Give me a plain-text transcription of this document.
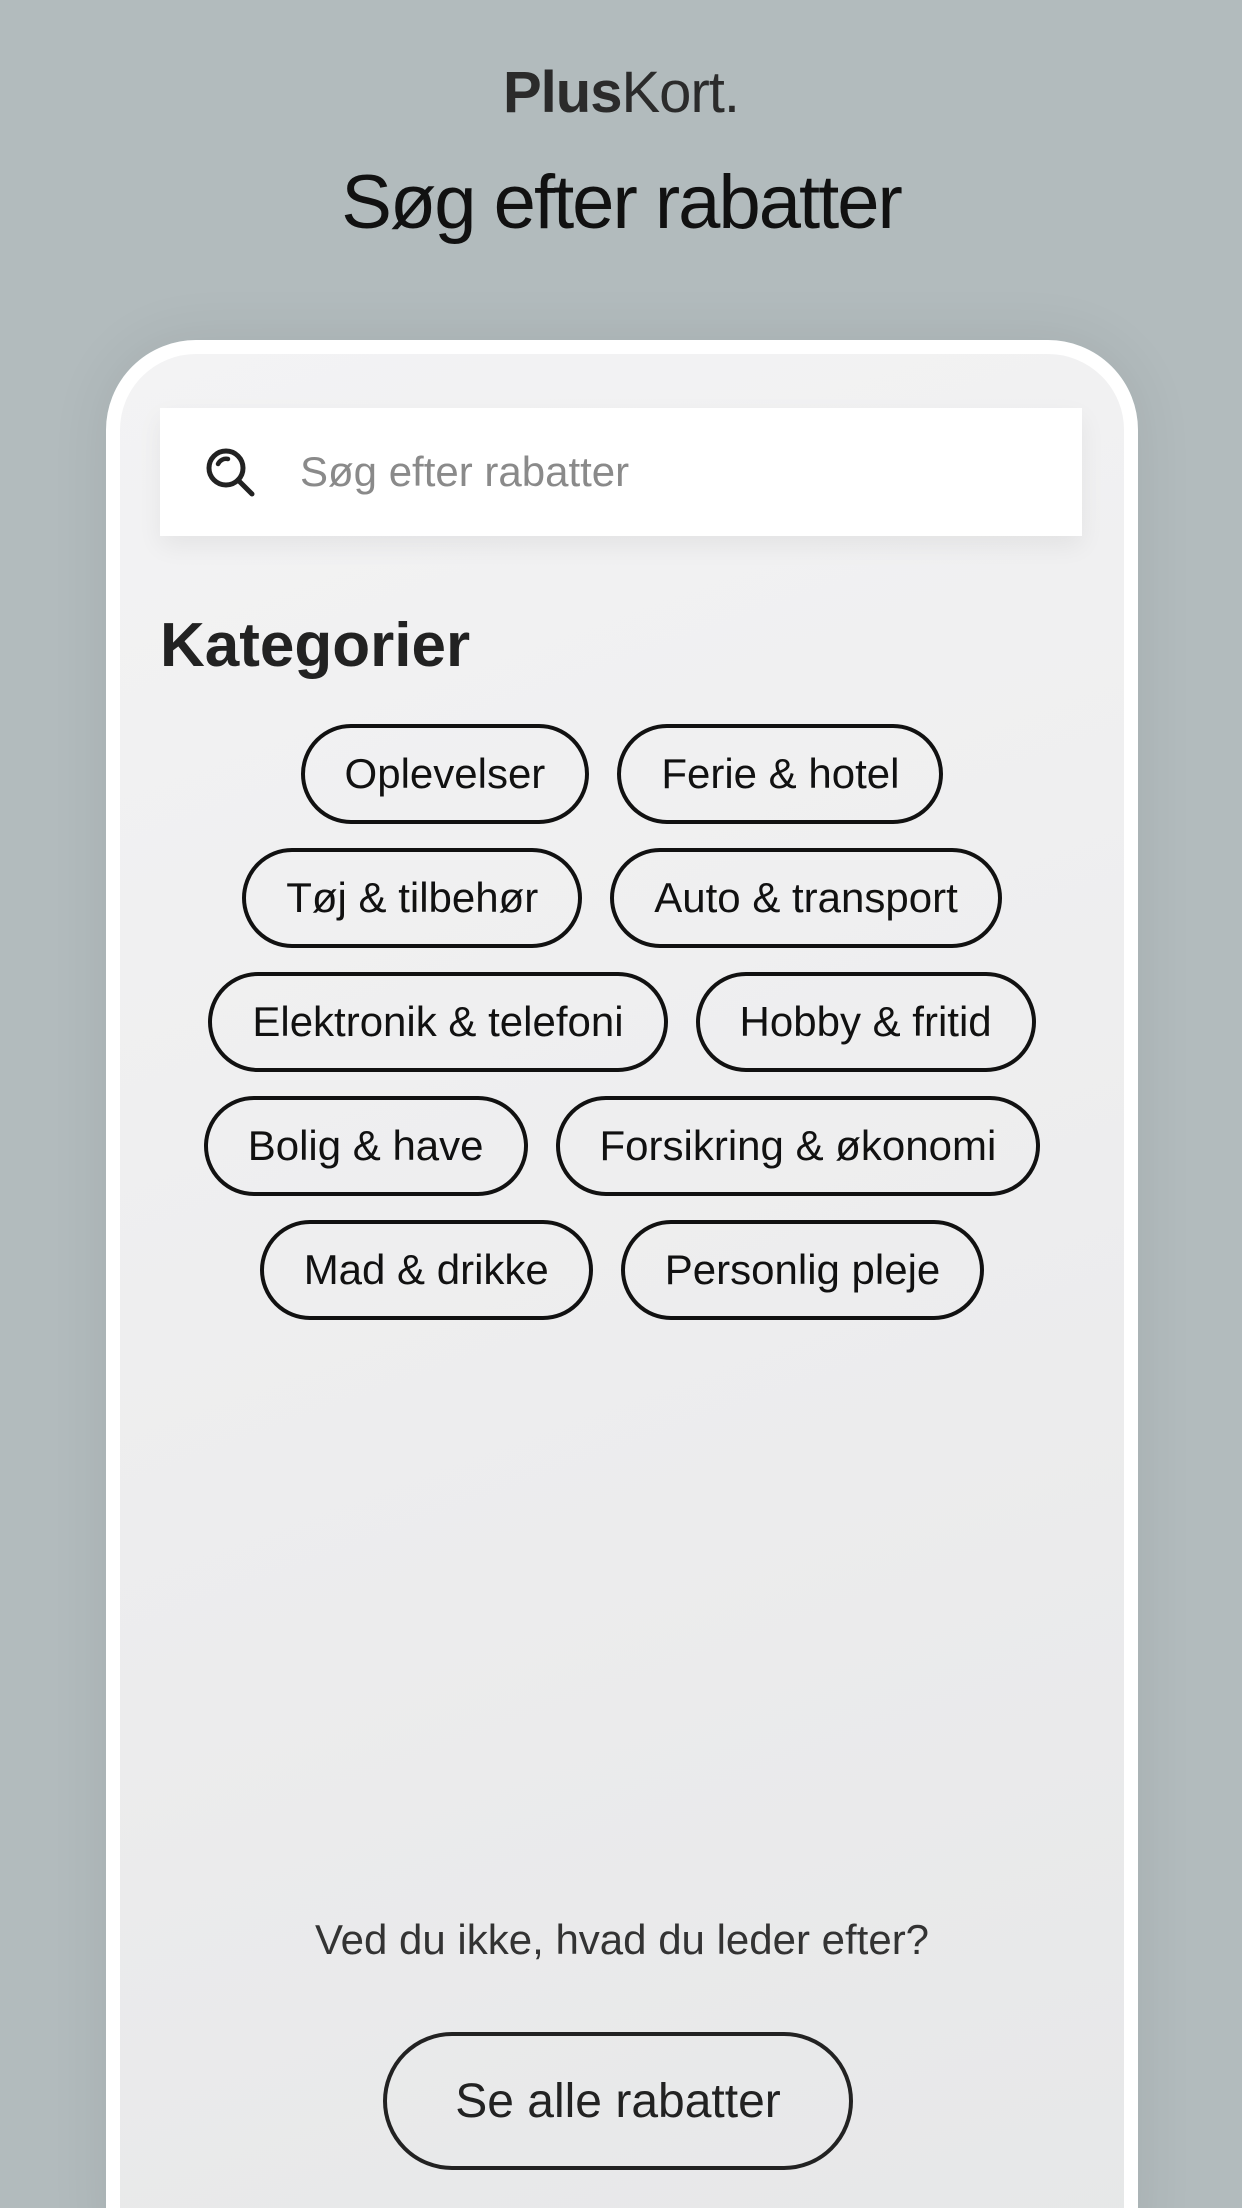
PlusKort.
Søg efter rabatter
Søg efter rabatter
Kategorier
Oplevelser	Ferie & hotel
Tøj & tilbehør	Auto & transport
Elektronik & telefoni	Hobby & fritid
Bolig & have	Forsikring & økonomi
Mad & drikke	Personlig pleje
Ved du ikke, hvad du leder efter?
Se alle rabatter
